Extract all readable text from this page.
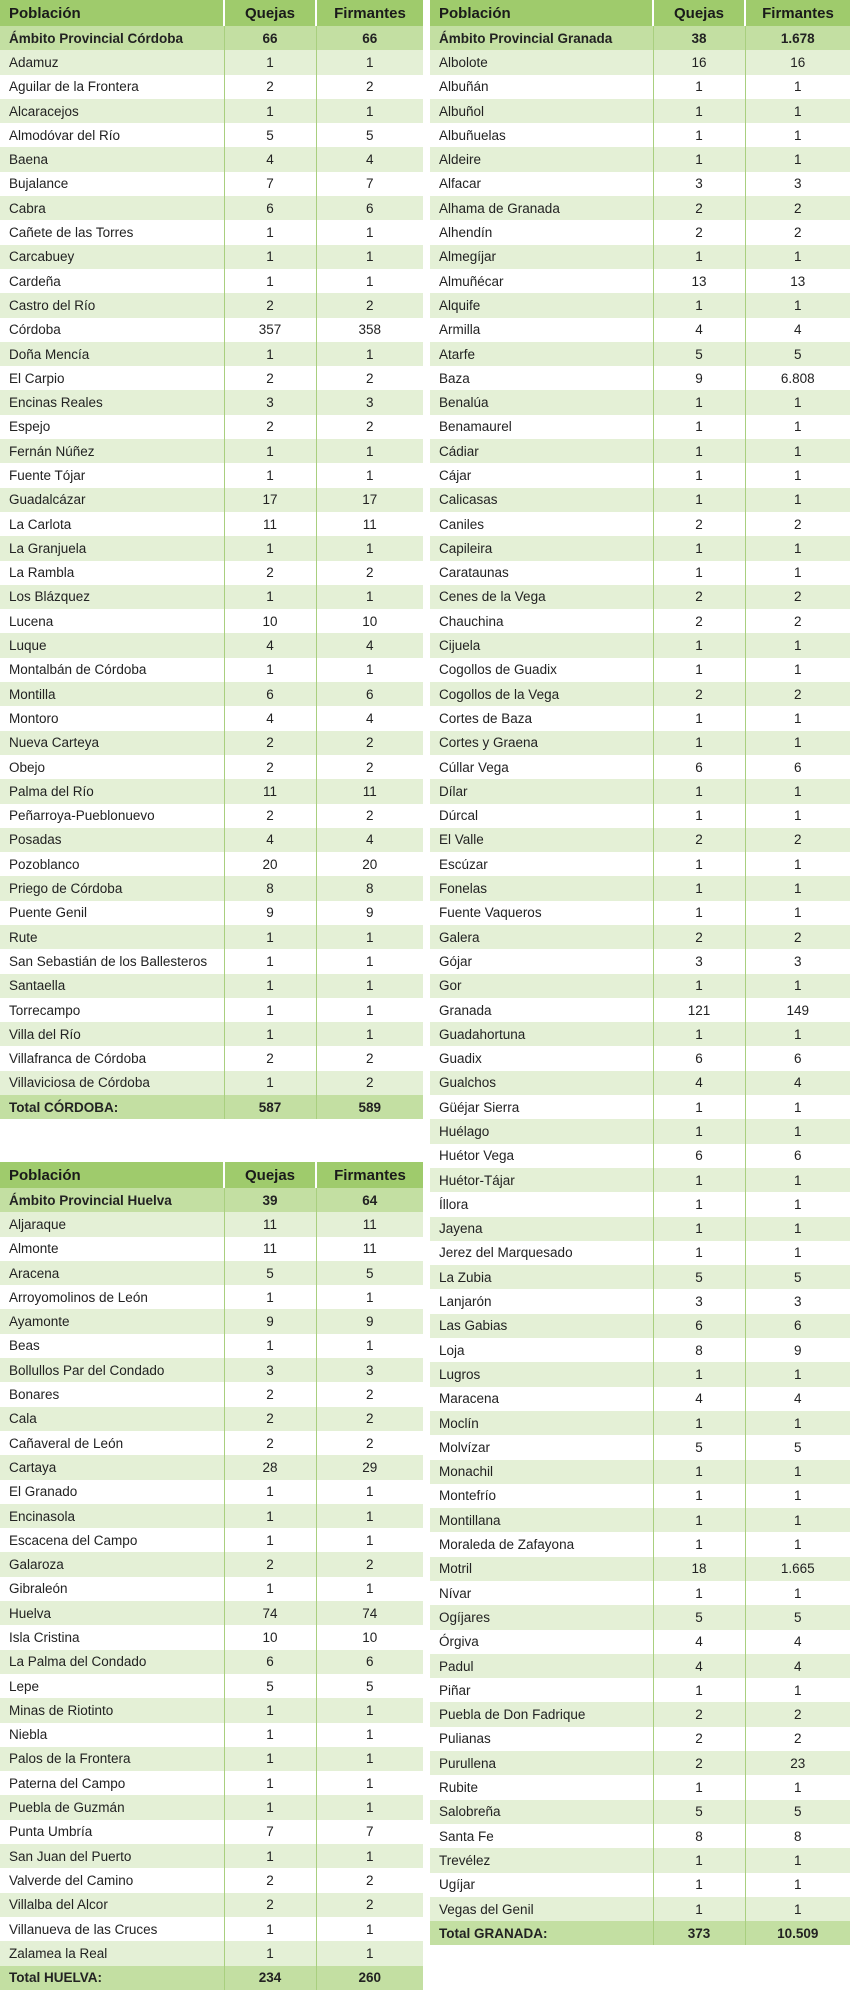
Población	Quejas	Firmantes
Ámbito Provincial Córdoba	66	66
Adamuz	1	1
Aguilar de la Frontera	2	2
Alcaracejos	1	1
Almodóvar del Río	5	5
Baena	4	4
Bujalance	7	7
Cabra	6	6
Cañete de las Torres	1	1
Carcabuey	1	1
Cardeña	1	1
Castro del Río	2	2
Córdoba	357	358
Doña Mencía	1	1
El Carpio	2	2
Encinas Reales	3	3
Espejo	2	2
Fernán Núñez	1	1
Fuente Tójar	1	1
Guadalcázar	17	17
La Carlota	11	11
La Granjuela	1	1
La Rambla	2	2
Los Blázquez	1	1
Lucena	10	10
Luque	4	4
Montalbán de Córdoba	1	1
Montilla	6	6
Montoro	4	4
Nueva Carteya	2	2
Obejo	2	2
Palma del Río	11	11
Peñarroya-Pueblonuevo	2	2
Posadas	4	4
Pozoblanco	20	20
Priego de Córdoba	8	8
Puente Genil	9	9
Rute	1	1
San Sebastián de los Ballesteros	1	1
Santaella	1	1
Torrecampo	1	1
Villa del Río	1	1
Villafranca de Córdoba	2	2
Villaviciosa de Córdoba	1	2
Total CÓRDOBA:	587	589
Población	Quejas	Firmantes
Ámbito Provincial Huelva	39	64
Aljaraque	11	11
Almonte	11	11
Aracena	5	5
Arroyomolinos de León	1	1
Ayamonte	9	9
Beas	1	1
Bollullos Par del Condado	3	3
Bonares	2	2
Cala	2	2
Cañaveral de León	2	2
Cartaya	28	29
El Granado	1	1
Encinasola	1	1
Escacena del Campo	1	1
Galaroza	2	2
Gibraleón	1	1
Huelva	74	74
Isla Cristina	10	10
La Palma del Condado	6	6
Lepe	5	5
Minas de Riotinto	1	1
Niebla	1	1
Palos de la Frontera	1	1
Paterna del Campo	1	1
Puebla de Guzmán	1	1
Punta Umbría	7	7
San Juan del Puerto	1	1
Valverde del Camino	2	2
Villalba del Alcor	2	2
Villanueva de las Cruces	1	1
Zalamea la Real	1	1
Total HUELVA:	234	260
Población	Quejas	Firmantes
Ámbito Provincial Granada	38	1.678
Albolote	16	16
Albuñán	1	1
Albuñol	1	1
Albuñuelas	1	1
Aldeire	1	1
Alfacar	3	3
Alhama de Granada	2	2
Alhendín	2	2
Almegíjar	1	1
Almuñécar	13	13
Alquife	1	1
Armilla	4	4
Atarfe	5	5
Baza	9	6.808
Benalúa	1	1
Benamaurel	1	1
Cádiar	1	1
Cájar	1	1
Calicasas	1	1
Caniles	2	2
Capileira	1	1
Carataunas	1	1
Cenes de la Vega	2	2
Chauchina	2	2
Cijuela	1	1
Cogollos de Guadix	1	1
Cogollos de la Vega	2	2
Cortes de Baza	1	1
Cortes y Graena	1	1
Cúllar Vega	6	6
Dílar	1	1
Dúrcal	1	1
El Valle	2	2
Escúzar	1	1
Fonelas	1	1
Fuente Vaqueros	1	1
Galera	2	2
Gójar	3	3
Gor	1	1
Granada	121	149
Guadahortuna	1	1
Guadix	6	6
Gualchos	4	4
Güéjar Sierra	1	1
Huélago	1	1
Huétor Vega	6	6
Huétor-Tájar	1	1
Íllora	1	1
Jayena	1	1
Jerez del Marquesado	1	1
La Zubia	5	5
Lanjarón	3	3
Las Gabias	6	6
Loja	8	9
Lugros	1	1
Maracena	4	4
Moclín	1	1
Molvízar	5	5
Monachil	1	1
Montefrío	1	1
Montillana	1	1
Moraleda de Zafayona	1	1
Motril	18	1.665
Nívar	1	1
Ogíjares	5	5
Órgiva	4	4
Padul	4	4
Piñar	1	1
Puebla de Don Fadrique	2	2
Pulianas	2	2
Purullena	2	23
Rubite	1	1
Salobreña	5	5
Santa Fe	8	8
Trevélez	1	1
Ugíjar	1	1
Vegas del Genil	1	1
Total GRANADA:	373	10.509
